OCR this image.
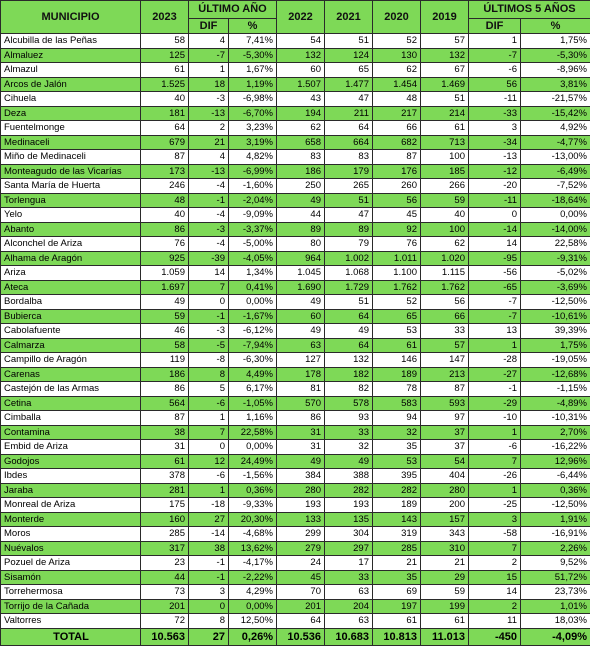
MUNICIPIO	2023	ÚLTIMO AÑO		2022	2021	2020	2019	ÚLTIMOS 5 AÑOS	
		DIF	%					DIF	%
Alcubilla de las Peñas	58	4	7,41%	54	51	52	57	1	1,75%
Almaluez	125	-7	-5,30%	132	124	130	132	-7	-5,30%
Almazul	61	1	1,67%	60	65	62	67	-6	-8,96%
Arcos de Jalón	1.525	18	1,19%	1.507	1.477	1.454	1.469	56	3,81%
Cihuela	40	-3	-6,98%	43	47	48	51	-11	-21,57%
Deza	181	-13	-6,70%	194	211	217	214	-33	-15,42%
Fuentelmonge	64	2	3,23%	62	64	66	61	3	4,92%
Medinaceli	679	21	3,19%	658	664	682	713	-34	-4,77%
Miño de Medinaceli	87	4	4,82%	83	83	87	100	-13	-13,00%
Monteagudo de las Vicarías	173	-13	-6,99%	186	179	176	185	-12	-6,49%
Santa María de Huerta	246	-4	-1,60%	250	265	260	266	-20	-7,52%
Torlengua	48	-1	-2,04%	49	51	56	59	-11	-18,64%
Yelo	40	-4	-9,09%	44	47	45	40	0	0,00%
Abanto	86	-3	-3,37%	89	89	92	100	-14	-14,00%
Alconchel de Ariza	76	-4	-5,00%	80	79	76	62	14	22,58%
Alhama de Aragón	925	-39	-4,05%	964	1.002	1.011	1.020	-95	-9,31%
Ariza	1.059	14	1,34%	1.045	1.068	1.100	1.115	-56	-5,02%
Ateca	1.697	7	0,41%	1.690	1.729	1.762	1.762	-65	-3,69%
Bordalba	49	0	0,00%	49	51	52	56	-7	-12,50%
Bubierca	59	-1	-1,67%	60	64	65	66	-7	-10,61%
Cabolafuente	46	-3	-6,12%	49	49	53	33	13	39,39%
Calmarza	58	-5	-7,94%	63	64	61	57	1	1,75%
Campillo de Aragón	119	-8	-6,30%	127	132	146	147	-28	-19,05%
Carenas	186	8	4,49%	178	182	189	213	-27	-12,68%
Castejón de las Armas	86	5	6,17%	81	82	78	87	-1	-1,15%
Cetina	564	-6	-1,05%	570	578	583	593	-29	-4,89%
Cimballa	87	1	1,16%	86	93	94	97	-10	-10,31%
Contamina	38	7	22,58%	31	33	32	37	1	2,70%
Embid de Ariza	31	0	0,00%	31	32	35	37	-6	-16,22%
Godojos	61	12	24,49%	49	49	53	54	7	12,96%
Ibdes	378	-6	-1,56%	384	388	395	404	-26	-6,44%
Jaraba	281	1	0,36%	280	282	282	280	1	0,36%
Monreal de Ariza	175	-18	-9,33%	193	193	189	200	-25	-12,50%
Monterde	160	27	20,30%	133	135	143	157	3	1,91%
Moros	285	-14	-4,68%	299	304	319	343	-58	-16,91%
Nuévalos	317	38	13,62%	279	297	285	310	7	2,26%
Pozuel de Ariza	23	-1	-4,17%	24	17	21	21	2	9,52%
Sisamón	44	-1	-2,22%	45	33	35	29	15	51,72%
Torrehermosa	73	3	4,29%	70	63	69	59	14	23,73%
Torrijo de la Cañada	201	0	0,00%	201	204	197	199	2	1,01%
Valtorres	72	8	12,50%	64	63	61	61	11	18,03%
TOTAL	10.563	27	0,26%	10.536	10.683	10.813	11.013	-450	-4,09%
